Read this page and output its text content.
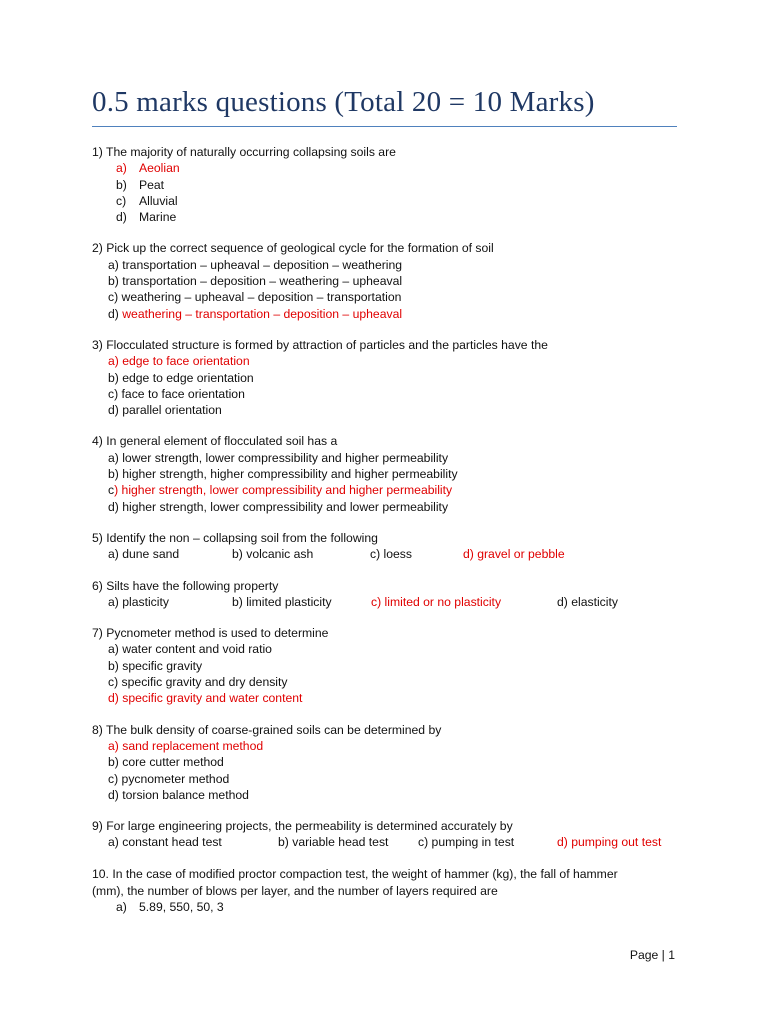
0.5 marks questions (Total 20 = 10 Marks)
1) The majority of naturally occurring collapsing soils are
a) Aeolian
b) Peat
c) Alluvial
d) Marine
2) Pick up the correct sequence of geological cycle for the formation of soil
a) transportation – upheaval – deposition – weathering
b) transportation – deposition – weathering – upheaval
c) weathering – upheaval – deposition – transportation
d) weathering – transportation – deposition – upheaval
3) Flocculated structure is formed by attraction of particles and the particles have the
a) edge to face orientation
b) edge to edge orientation
c) face to face orientation
d) parallel orientation
4) In general element of flocculated soil has a
a) lower strength, lower compressibility and higher permeability
b) higher strength, higher compressibility and higher permeability
c) higher strength, lower compressibility and higher permeability
d) higher strength, lower compressibility and lower permeability
5) Identify the non – collapsing soil from the following
a) dune sand	b) volcanic ash	c) loess	d) gravel or pebble
6) Silts have the following property
a) plasticity	b) limited plasticity	c) limited or no plasticity	d) elasticity
7) Pycnometer method is used to determine
a) water content and void ratio
b) specific gravity
c) specific gravity and dry density
d) specific gravity and water content
8) The bulk density of coarse-grained soils can be determined by
a) sand replacement method
b) core cutter method
c) pycnometer method
d) torsion balance method
9) For large engineering projects, the permeability is determined accurately by
a) constant head test	b) variable head test	c) pumping in test	d) pumping out test
10. In the case of modified proctor compaction test, the weight of hammer (kg), the fall of hammer
(mm), the number of blows per layer, and the number of layers required are
a) 5.89, 550, 50, 3
Page | 1
